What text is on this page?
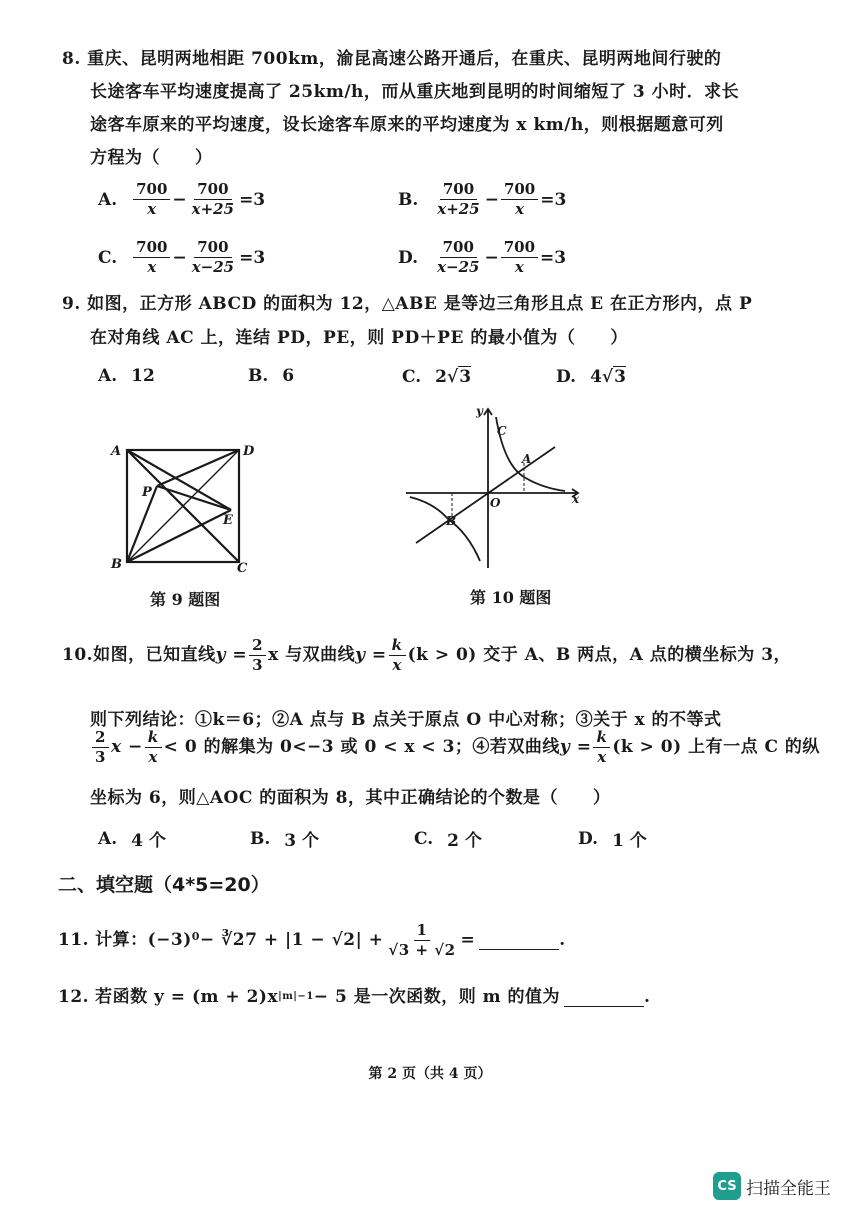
8. 重庆、昆明两地相距 700km，渝昆高速公路开通后，在重庆、昆明两地间行驶的
长途客车平均速度提高了 25km/h，而从重庆地到昆明的时间缩短了 3 小时．求长
途客车原来的平均速度，设长途客车原来的平均速度为 x km/h，则根据题意可列
方程为（　　）
A. $\frac{700}{x} - \frac{700}{x+25} =3$	B. $\frac{700}{x+25} - \frac{700}{x} =3$
C. $\frac{700}{x} - \frac{700}{x-25} =3$	D. $\frac{700}{x-25} - \frac{700}{x} =3$
9. 如图，正方形 ABCD 的面积为 12，△ABE 是等边三角形且点 E 在正方形内，点 P
在对角线 AC 上，连结 PD，PE，则 PD＋PE 的最小值为（　　）
A. 12	B. 6	C. 2 √ 3	D. 4 √ 3
A	D
B	C
P
E
第 9 题图
y
x
O
A
B
C
第 10 题图
10. 如图，已知直线 $y = \frac{2}{3}$ x 与双曲线 $y = \frac{k}{x} (k > 0)$ 交于 A、B 两点，A 点的横坐标为 3，
则下列结论：①k＝6；②A 点与 B 点关于原点 O 中心对称；③关于 x 的不等式
$\frac{2}{3}$ $x - \frac{k}{x} < 0$ 的解集为 0<−3 或 0 < x < 3；④若双曲线 $y = \frac{k}{x} (k > 0)$ 上有一点 C 的纵
坐标为 6，则△AOC 的面积为 8，其中正确结论的个数是（　　）
A. 4 个	B. 3 个	C. 2 个	D. 1 个
二、填空题（4*5=20）
11. 计算：(−3) 0 − ∛27 + $|1 - √2| + \frac{1}{√3 + √2}$ =	.
12. 若函数 y = (m + 2)x |m|−1 − 5 是一次函数，则 m 的值为	.
第 2 页（共 4 页）
CS 扫描全能王
